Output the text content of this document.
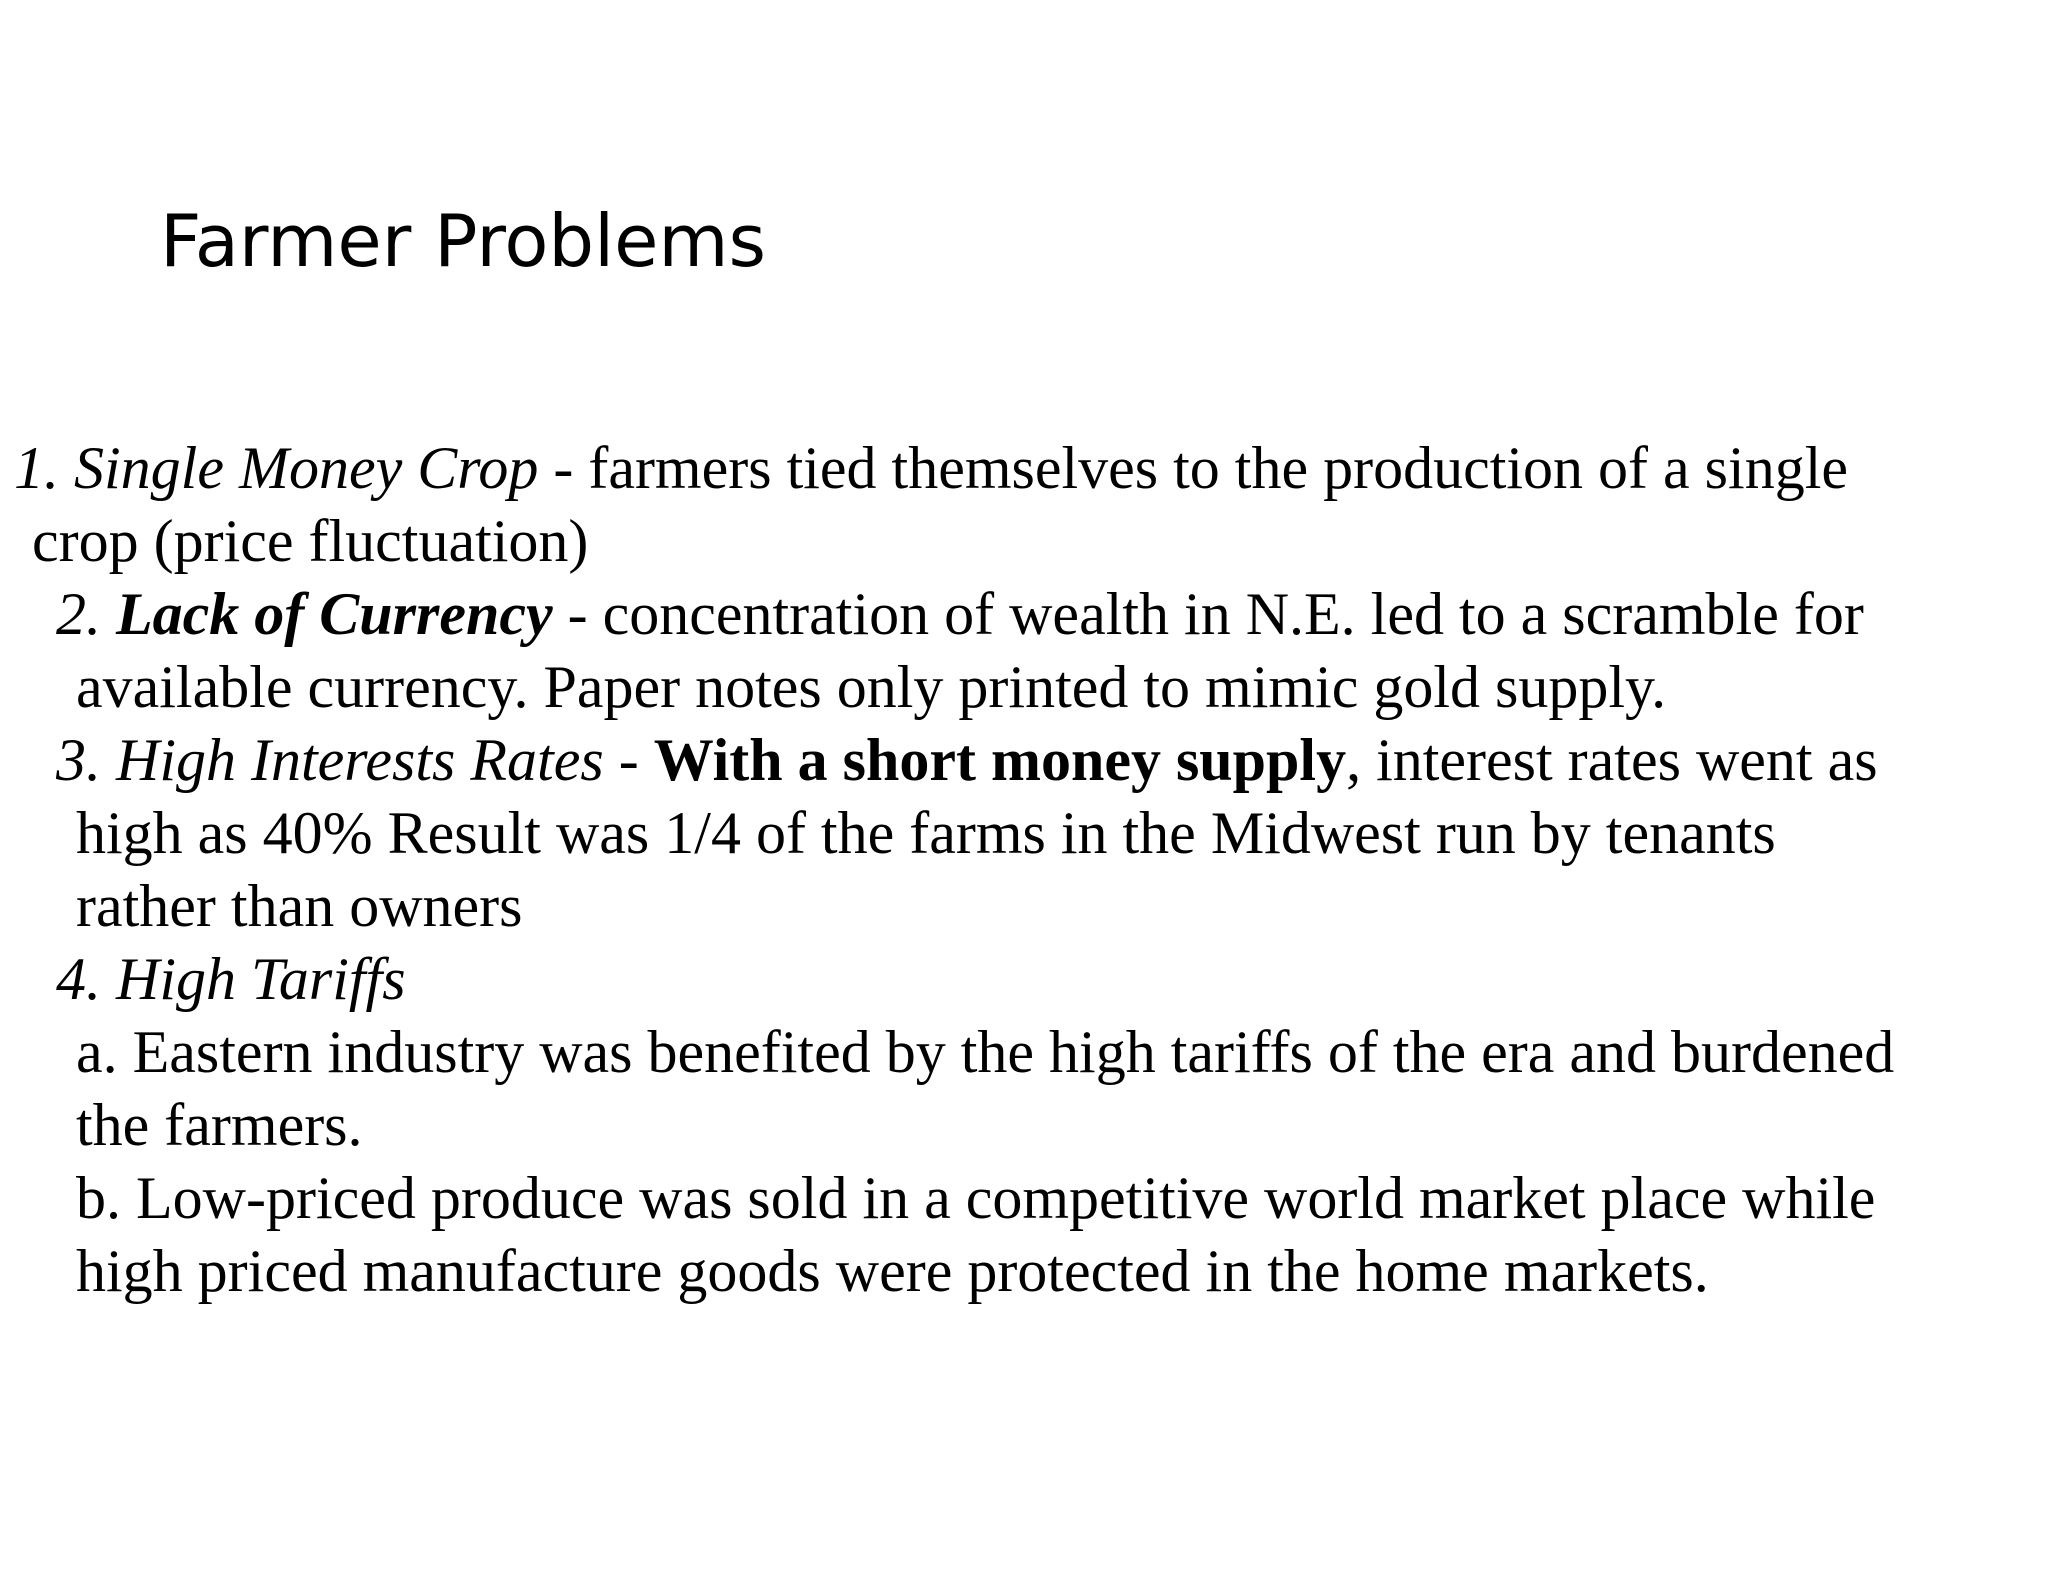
Farmer Problems
1. Single Money Crop - farmers tied themselves to the production of a single
crop (price fluctuation)
2. Lack of Currency - concentration of wealth in N.E. led to a scramble for
available currency. Paper notes only printed to mimic gold supply.
3. High Interests Rates - With a short money supply, interest rates went as
high as 40% Result was 1/4 of the farms in the Midwest run by tenants
rather than owners
4. High Tariffs
a. Eastern industry was benefited by the high tariffs of the era and burdened
the farmers.
b. Low-priced produce was sold in a competitive world market place while
high priced manufacture goods were protected in the home markets.
